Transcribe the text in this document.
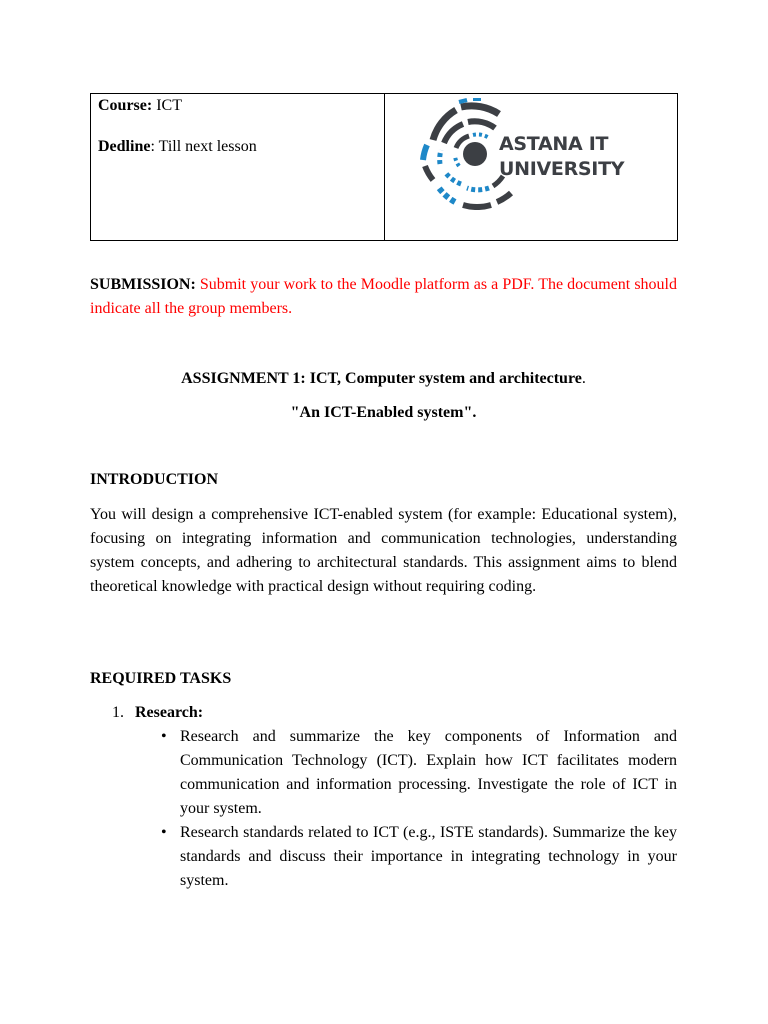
Course: ICT

Dedline: Till next lesson	ASTANA IT
UNIVERSITY

SUBMISSION: Submit your work to the Moodle platform as a PDF. The document should indicate all the group members.

ASSIGNMENT 1: ICT, Computer system and architecture.

"An ICT-Enabled system".

INTRODUCTION

You will design a comprehensive ICT-enabled system (for example: Educational system), focusing on integrating information and communication technologies, understanding system concepts, and adhering to architectural standards. This assignment aims to blend theoretical knowledge with practical design without requiring coding.

REQUIRED TASKS
1. Research:
• Research and summarize the key components of Information and Communication Technology (ICT). Explain how ICT facilitates modern communication and information processing. Investigate the role of ICT in your system.
• Research standards related to ICT (e.g., ISTE standards). Summarize the key standards and discuss their importance in integrating technology in your system.
